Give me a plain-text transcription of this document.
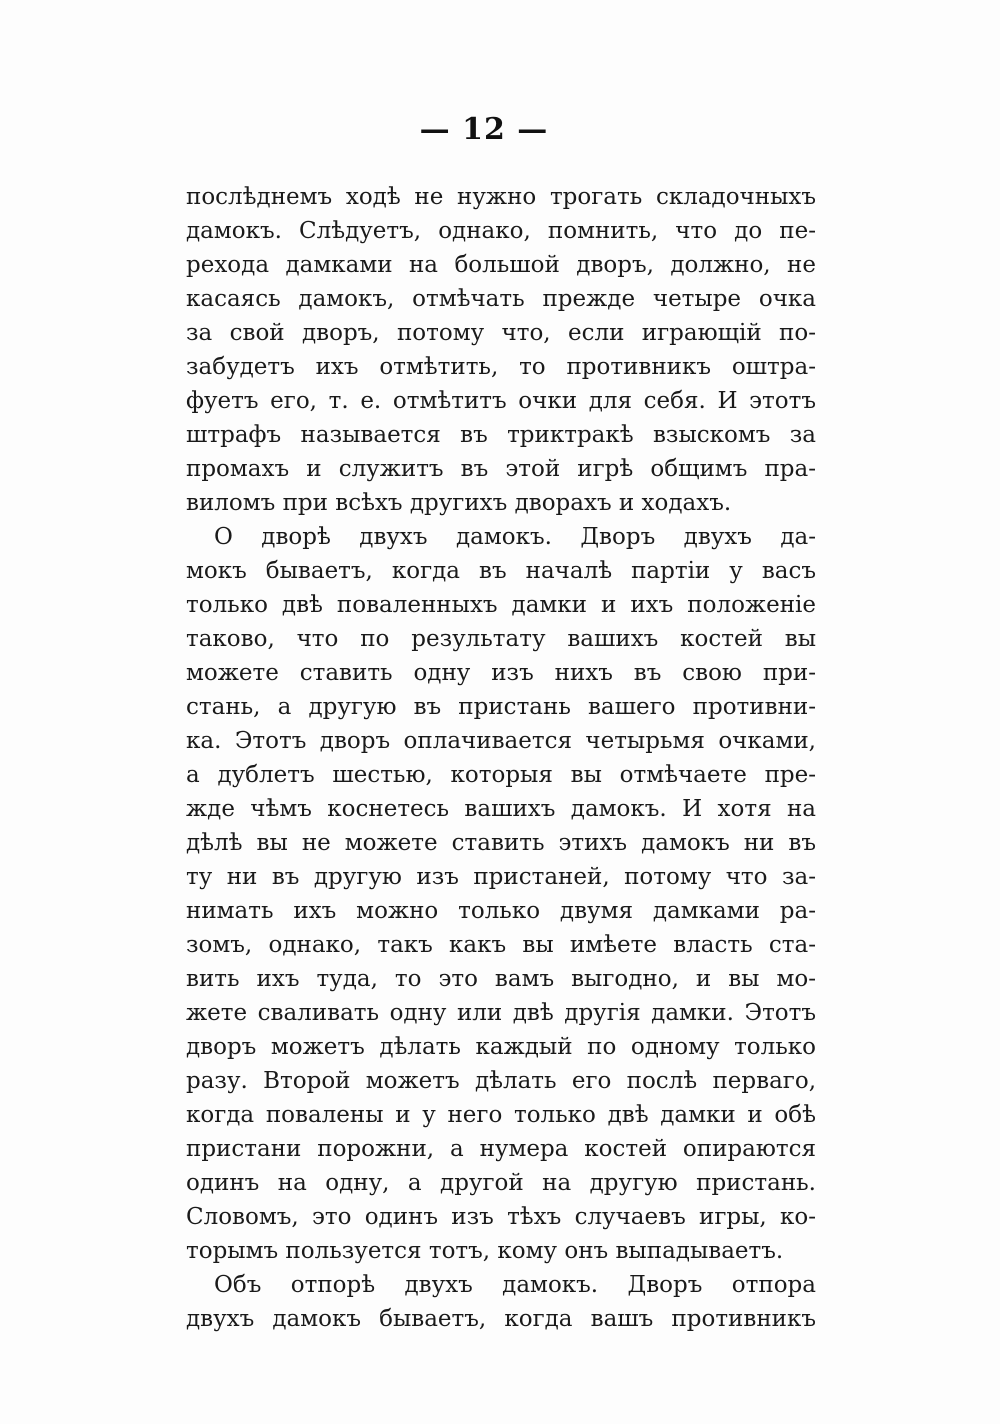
— 12 —
послѣднемъ ходѣ не нужно трогать складочныхъ
дамокъ. Слѣдуетъ, однако, помнить, что до пе-
рехода дамками на большой дворъ, должно, не
касаясь дамокъ, отмѣчать прежде четыре очка
за свой дворъ, потому что, если играющій по-
забудетъ ихъ отмѣтить, то противникъ оштра-
фуетъ его, т. е. отмѣтитъ очки для себя. И этотъ
штрафъ называется въ триктракѣ взыскомъ за
промахъ и служитъ въ этой игрѣ общимъ пра-
виломъ при всѣхъ другихъ дворахъ и ходахъ.
О дворѣ двухъ дамокъ. Дворъ двухъ да-
мокъ бываетъ, когда въ началѣ партіи у васъ
только двѣ поваленныхъ дамки и ихъ положеніе
таково, что по результату вашихъ костей вы
можете ставить одну изъ нихъ въ свою при-
стань, а другую въ пристань вашего противни-
ка. Этотъ дворъ оплачивается четырьмя очками,
а дублетъ шестью, которыя вы отмѣчаете пре-
жде чѣмъ коснетесь вашихъ дамокъ. И хотя на
дѣлѣ вы не можете ставить этихъ дамокъ ни въ
ту ни въ другую изъ пристаней, потому что за-
нимать ихъ можно только двумя дамками ра-
зомъ, однако, такъ какъ вы имѣете власть ста-
вить ихъ туда, то это вамъ выгодно, и вы мо-
жете сваливать одну или двѣ другія дамки. Этотъ
дворъ можетъ дѣлать каждый по одному только
разу. Второй можетъ дѣлать его послѣ перваго,
когда повалены и у него только двѣ дамки и обѣ
пристани порожни, а нумера костей опираются
одинъ на одну, а другой на другую пристань.
Словомъ, это одинъ изъ тѣхъ случаевъ игры, ко-
торымъ пользуется тотъ, кому онъ выпадываетъ.
Объ отпорѣ двухъ дамокъ. Дворъ отпора
двухъ дамокъ бываетъ, когда вашъ противникъ
